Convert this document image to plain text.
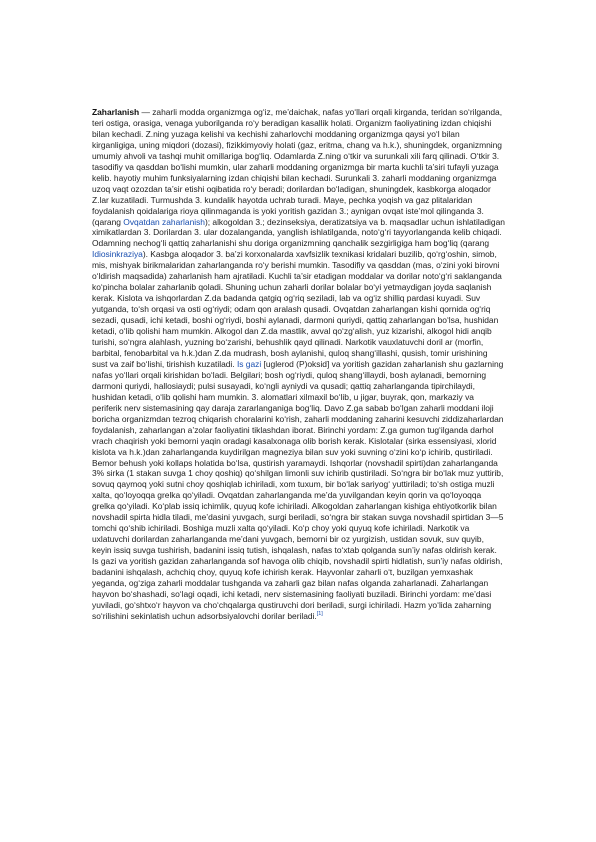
Zaharlanish — zaharli modda organizmga og‘iz, me’daichak, nafas yo‘llari orqali kirganda, teridan so‘rilganda, teri ostiga, orasiga, venaga yuborilganda ro‘y beradigan kasallik holati. Organizm faoliyatining izdan chiqishi bilan kechadi. Z.ning yuzaga kelishi va kechishi zaharlovchi moddaning organizmga qaysi yo‘l bilan kirganligiga, uning miqdori (dozasi), fizikkimyoviy holati (gaz, eritma, chang va h.k.), shuningdek, organizmning umumiy ahvoli va tashqi muhit omillariga bog‘liq. Odamlarda Z.ning o‘tkir va surunkali xili farq qilinadi. O‘tkir 3. tasodifiy va qasddan bo‘lishi mumkin, ular zaharli moddaning organizmga bir marta kuchli ta’siri tufayli yuzaga kelib. hayotiy muhim funksiyalarning izdan chiqishi bilan kechadi. Surunkali 3. zaharli moddaning organizmga uzoq vaqt ozozdan ta’sir etishi oqibatida ro‘y beradi; dorilardan bo‘ladigan, shuningdek, kasbkorga aloqador Z.lar kuzatiladi. Turmushda 3. kundalik hayotda uchrab turadi. Maye, pechka yoqish va gaz plitalaridan foydalanish qoidalariga rioya qilinmaganda is yoki yoritish gazidan 3.; aynigan ovqat iste’mol qilinganda 3. (qarang Ovqatdan zaharlanish); alkogoldan 3.; dezinseksiya, deratizatsiya va b. maqsadlar uchun ishlatiladigan ximikatlardan 3. Dorilardan 3. ular dozalanganda, yanglish ishlatilganda, noto‘g‘ri tayyorlanganda kelib chiqadi. Odamning nechog‘li qattiq zaharlanishi shu doriga organizmning qanchalik sezgirligiga ham bog‘liq (qarang Idiosinkraziya). Kasbga aloqador 3. ba’zi korxonalarda xavfsizlik texnikasi kridalari buzilib, qo‘rg‘oshin, simob, mis, mishyak birikmalaridan zaharlanganda ro‘y berishi mumkin. Tasodifiy va qasddan (mas, o‘zini yoki birovni o‘ldirish maqsadida) zaharlanish ham ajratiladi. Kuchli ta’sir etadigan moddalar va dorilar noto‘g‘ri saklanganda ko‘pincha bolalar zaharlanib qoladi. Shuning uchun zaharli dorilar bolalar bo‘yi yetmaydigan joyda saqlanish kerak. Kislota va ishqorlardan Z.da badanda qatgiq og‘riq seziladi, lab va og‘iz shilliq pardasi kuyadi. Suv yutganda, to‘sh orqasi va osti og‘riydi; odam qon aralash qusadi. Ovqatdan zaharlangan kishi qornida og‘riq sezadi, qusadi, ichi ketadi, boshi og‘riydi, boshi aylanadi, darmoni quriydi, qattiq zaharlangan bo‘lsa, hushidan ketadi, o‘lib qolishi ham mumkin. Alkogol dan Z.da mastlik, avval qo‘zg‘alish, yuz kizarishi, alkogol hidi anqib turishi, so‘ngra alahlash, yuzning bo‘zarishi, behushlik qayd qilinadi. Narkotik vauxlatuvchi doril ar (morfin, barbital, fenobarbital va h.k.)dan Z.da mudrash, bosh aylanishi, quloq shang‘illashi, qusish, tomir urishining sust va zaif bo‘lishi, tirishish kuzatiladi. Is gazi [uglerod (P)oksid] va yoritish gazidan zaharlanish shu gazlarning nafas yo‘llari orqali kirishidan bo‘ladi. Belgilari; bosh og‘riydi, quloq shang‘illaydi, bosh aylanadi, bemorning darmoni quriydi, hallosiaydi; pulsi susayadi, ko‘ngli ayniydi va qusadi; qattiq zaharlanganda tipirchilaydi, hushidan ketadi, o‘lib qolishi ham mumkin. 3. alomatlari xilmaxil bo‘lib, u jigar, buyrak, qon, markaziy va periferik nerv sistemasining qay daraja zararlanganiga bog‘liq. Davo Z.ga sabab bo‘lgan zaharli moddani iloji boricha organizmdan tezroq chiqarish choralarini ko‘rish, zaharli moddaning zaharini kesuvchi ziddizaharlardan foydalanish, zaharlangan a’zolar faoliyatini tiklashdan iborat. Birinchi yordam: Z.ga gumon tug‘ilganda darhol vrach chaqirish yoki bemorni yaqin oradagi kasalxonaga olib borish kerak. Kislotalar (sirka essensiyasi, xlorid kislota va h.k.)dan zaharlanganda kuydirilgan magneziya bilan suv yoki suvning o‘zini ko‘p ichirib, qustiriladi. Bemor behush yoki kollaps holatida bo‘lsa, qustirish yaramaydi. Ishqorlar (novshadil spirti)dan zaharlanganda 3% sirka (1 stakan suvga 1 choy qoshiq) qo‘shilgan limonli suv ichirib qustiriladi. So‘ngra bir bo‘lak muz yuttirib, sovuq qaymoq yoki sutni choy qoshiqlab ichiriladi, xom tuxum, bir bo‘lak sariyog‘ yuttiriladi; to‘sh ostiga muzli xalta, qo‘loyoqqa grelka qo‘yiladi. Ovqatdan zaharlanganda me’da yuvilgandan keyin qorin va qo‘loyoqqa grelka qo‘yiladi. Ko‘plab issiq ichimlik, quyuq kofe ichiriladi. Alkogoldan zaharlangan kishiga ehtiyotkorlik bilan novshadil spirta hidla tiladi, me’dasini yuvgach, surgi beriladi, so‘ngra bir stakan suvga novshadil spirtidan 3—5 tomchi qo‘shib ichiriladi. Boshiga muzli xalta qo‘yiladi. Ko‘p choy yoki quyuq kofe ichiriladi. Narkotik va uxlatuvchi dorilardan zaharlanganda me’dani yuvgach, bemorni bir oz yurgizish, ustidan sovuk, suv quyib, keyin issiq suvga tushirish, badanini issiq tutish, ishqalash, nafas to‘xtab qolganda sun’iy nafas oldirish kerak. Is gazi va yoritish gazidan zaharlanganda sof havoga olib chiqib, novshadil spirti hidlatish, sun’iy nafas oldirish, badanini ishqalash, achchiq choy, quyuq kofe ichirish kerak. Hayvonlar zaharli o‘t, buzilgan yemxashak yeganda, og‘ziga zaharli moddalar tushganda va zaharli gaz bilan nafas olganda zaharlanadi. Zaharlangan hayvon bo‘shashadi, so‘lagi oqadi, ichi ketadi, nerv sistemasining faoliyati buziladi. Birinchi yordam: me’dasi yuviladi, go‘shtxo‘r hayvon va cho‘chqalarga qustiruvchi dori beriladi, surgi ichiriladi. Hazm yo‘lida zaharning so‘rilishini sekinlatish uchun adsorbsiyalovchi dorilar beriladi.[1]
